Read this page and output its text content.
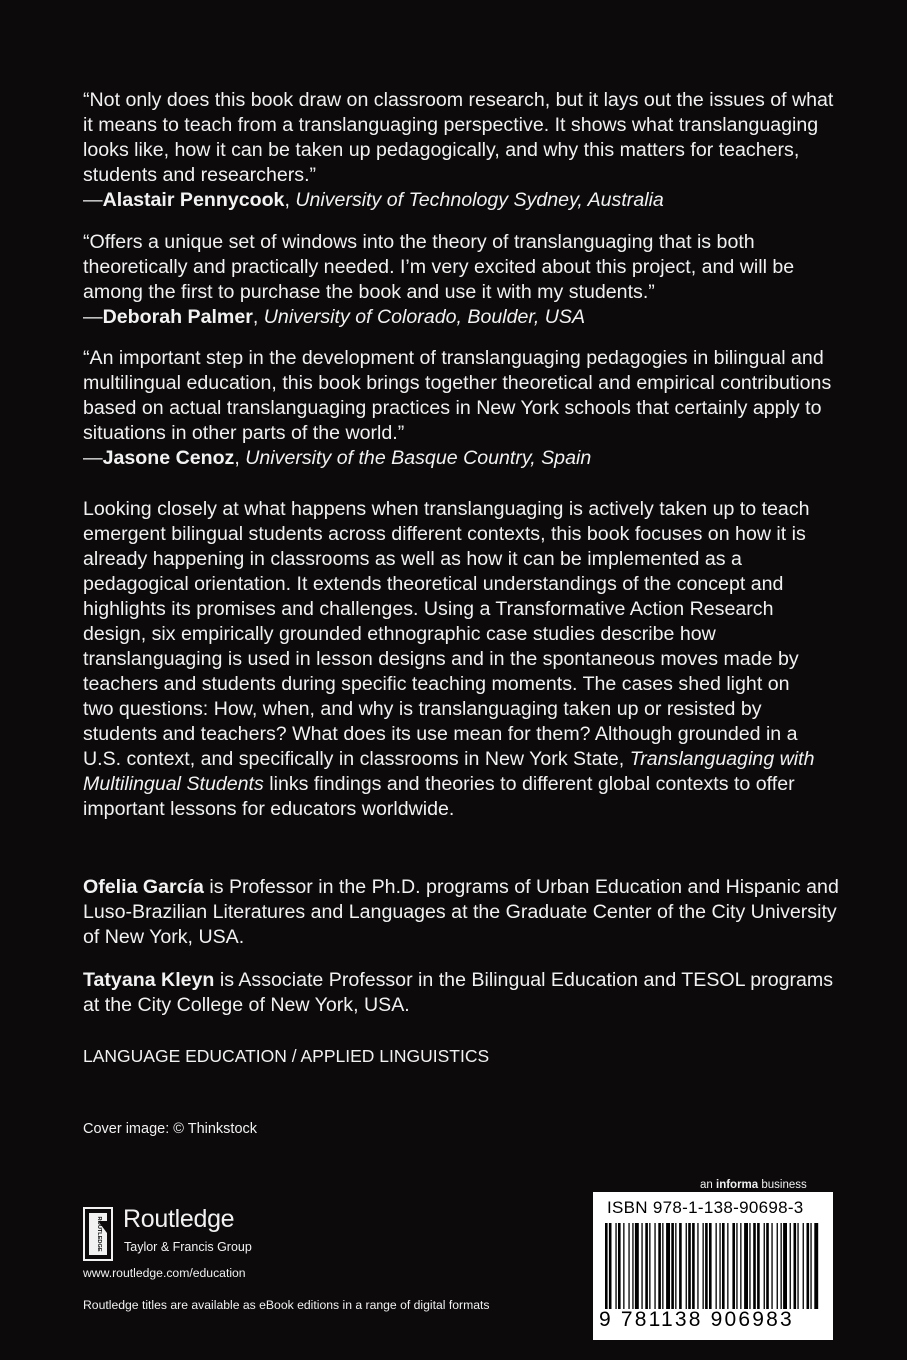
“Not only does this book draw on classroom research, but it lays out the issues of what it means to teach from a translanguaging perspective. It shows what translanguaging looks like, how it can be taken up pedagogically, and why this matters for teachers, students and researchers.”
—Alastair Pennycook, University of Technology Sydney, Australia
“Offers a unique set of windows into the theory of translanguaging that is both theoretically and practically needed. I’m very excited about this project, and will be among the first to purchase the book and use it with my students.”
—Deborah Palmer, University of Colorado, Boulder, USA
“An important step in the development of translanguaging pedagogies in bilingual and multilingual education, this book brings together theoretical and empirical contributions based on actual translanguaging practices in New York schools that certainly apply to situations in other parts of the world.”
—Jasone Cenoz, University of the Basque Country, Spain
Looking closely at what happens when translanguaging is actively taken up to teach emergent bilingual students across different contexts, this book focuses on how it is already happening in classrooms as well as how it can be implemented as a pedagogical orientation. It extends theoretical understandings of the concept and highlights its promises and challenges. Using a Transformative Action Research design, six empirically grounded ethnographic case studies describe how translanguaging is used in lesson designs and in the spontaneous moves made by teachers and students during specific teaching moments. The cases shed light on two questions: How, when, and why is translanguaging taken up or resisted by students and teachers? What does its use mean for them? Although grounded in a U.S. context, and specifically in classrooms in New York State, Translanguaging with Multilingual Students links findings and theories to different global contexts to offer important lessons for educators worldwide.
Ofelia García is Professor in the Ph.D. programs of Urban Education and Hispanic and Luso-Brazilian Literatures and Languages at the Graduate Center of the City University of New York, USA.
Tatyana Kleyn is Associate Professor in the Bilingual Education and TESOL programs at the City College of New York, USA.
LANGUAGE EDUCATION / APPLIED LINGUISTICS
Cover image: © Thinkstock
ROUTLEDGE Routledge
Taylor & Francis Group
www.routledge.com/education
Routledge titles are available as eBook editions in a range of digital formats
an informa business
ISBN 978-1-138-90698-3
9 781138 906983
